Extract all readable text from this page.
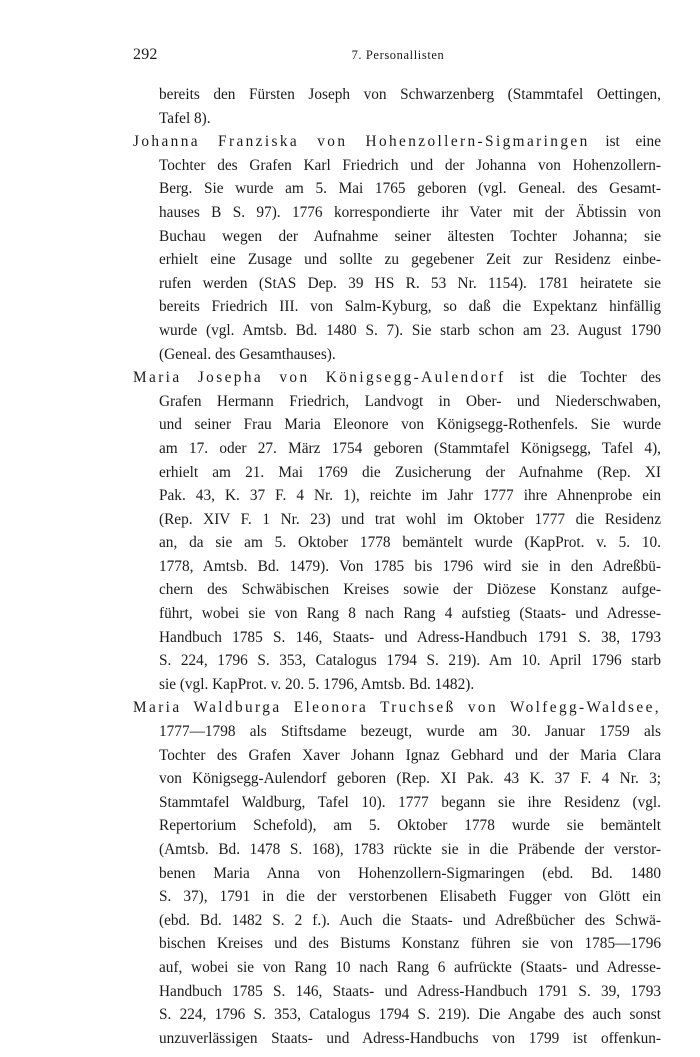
292	7. Personallisten
bereits den Fürsten Joseph von Schwarzenberg (Stammtafel Oettingen,
Tafel 8).
Johanna Franziska von Hohenzollern-Sigmaringen ist eine
Tochter des Grafen Karl Friedrich und der Johanna von Hohenzollern-
Berg. Sie wurde am 5. Mai 1765 geboren (vgl. Geneal. des Gesamt-
hauses B S. 97). 1776 korrespondierte ihr Vater mit der Äbtissin von
Buchau wegen der Aufnahme seiner ältesten Tochter Johanna; sie
erhielt eine Zusage und sollte zu gegebener Zeit zur Residenz einbe-
rufen werden (StAS Dep. 39 HS R. 53 Nr. 1154). 1781 heiratete sie
bereits Friedrich III. von Salm-Kyburg, so daß die Expektanz hinfällig
wurde (vgl. Amtsb. Bd. 1480 S. 7). Sie starb schon am 23. August 1790
(Geneal. des Gesamthauses).
Maria Josepha von Königsegg-Aulendorf ist die Tochter des
Grafen Hermann Friedrich, Landvogt in Ober- und Niederschwaben,
und seiner Frau Maria Eleonore von Königsegg-Rothenfels. Sie wurde
am 17. oder 27. März 1754 geboren (Stammtafel Königsegg, Tafel 4),
erhielt am 21. Mai 1769 die Zusicherung der Aufnahme (Rep. XI
Pak. 43, K. 37 F. 4 Nr. 1), reichte im Jahr 1777 ihre Ahnenprobe ein
(Rep. XIV F. 1 Nr. 23) und trat wohl im Oktober 1777 die Residenz
an, da sie am 5. Oktober 1778 bemäntelt wurde (KapProt. v. 5. 10.
1778, Amtsb. Bd. 1479). Von 1785 bis 1796 wird sie in den Adreßbü-
chern des Schwäbischen Kreises sowie der Diözese Konstanz aufge-
führt, wobei sie von Rang 8 nach Rang 4 aufstieg (Staats- und Adresse-
Handbuch 1785 S. 146, Staats- und Adress-Handbuch 1791 S. 38, 1793
S. 224, 1796 S. 353, Catalogus 1794 S. 219). Am 10. April 1796 starb
sie (vgl. KapProt. v. 20. 5. 1796, Amtsb. Bd. 1482).
Maria Waldburga Eleonora Truchseß von Wolfegg-Waldsee,
1777—1798 als Stiftsdame bezeugt, wurde am 30. Januar 1759 als
Tochter des Grafen Xaver Johann Ignaz Gebhard und der Maria Clara
von Königsegg-Aulendorf geboren (Rep. XI Pak. 43 K. 37 F. 4 Nr. 3;
Stammtafel Waldburg, Tafel 10). 1777 begann sie ihre Residenz (vgl.
Repertorium Schefold), am 5. Oktober 1778 wurde sie bemäntelt
(Amtsb. Bd. 1478 S. 168), 1783 rückte sie in die Präbende der verstor-
benen Maria Anna von Hohenzollern-Sigmaringen (ebd. Bd. 1480
S. 37), 1791 in die der verstorbenen Elisabeth Fugger von Glött ein
(ebd. Bd. 1482 S. 2 f.). Auch die Staats- und Adreßbücher des Schwä-
bischen Kreises und des Bistums Konstanz führen sie von 1785—1796
auf, wobei sie von Rang 10 nach Rang 6 aufrückte (Staats- und Adresse-
Handbuch 1785 S. 146, Staats- und Adress-Handbuch 1791 S. 39, 1793
S. 224, 1796 S. 353, Catalogus 1794 S. 219). Die Angabe des auch sonst
unzuverlässigen Staats- und Adress-Handbuchs von 1799 ist offenkun-
